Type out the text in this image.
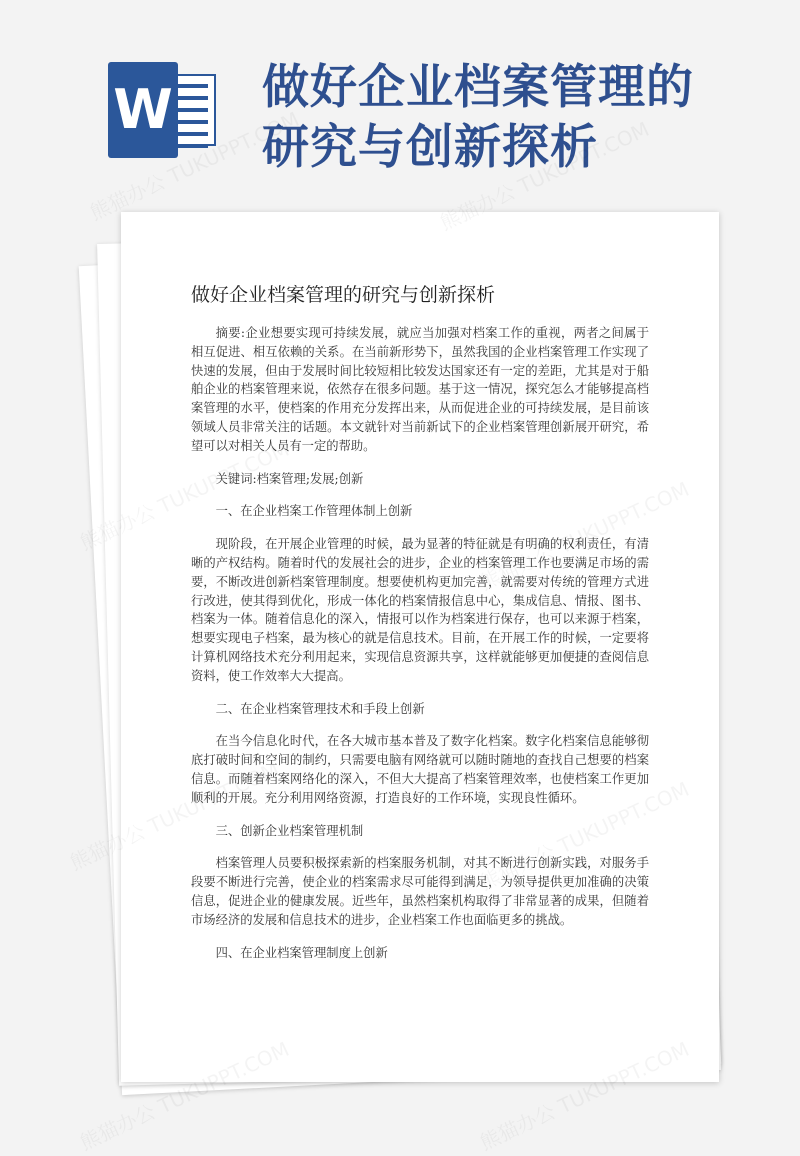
W 做好企业档案管理的研究与创新探析
做好企业档案管理的研究与创新探析

摘要:企业想要实现可持续发展，就应当加强对档案工作的重视，两者之间属于相互促进、相互依赖的关系。在当前新形势下，虽然我国的企业档案管理工作实现了快速的发展，但由于发展时间比较短相比较发达国家还有一定的差距，尤其是对于船舶企业的档案管理来说，依然存在很多问题。基于这一情况，探究怎么才能够提高档案管理的水平，使档案的作用充分发挥出来，从而促进企业的可持续发展，是目前该领域人员非常关注的话题。本文就针对当前新试下的企业档案管理创新展开研究，希望可以对相关人员有一定的帮助。

关键词:档案管理;发展;创新

一、在企业档案工作管理体制上创新

现阶段，在开展企业管理的时候，最为显著的特征就是有明确的权利责任，有清晰的产权结构。随着时代的发展社会的进步，企业的档案管理工作也要满足市场的需要，不断改进创新档案管理制度。想要使机构更加完善，就需要对传统的管理方式进行改进，使其得到优化，形成一体化的档案情报信息中心，集成信息、情报、图书、档案为一体。随着信息化的深入，情报可以作为档案进行保存，也可以来源于档案，想要实现电子档案，最为核心的就是信息技术。目前，在开展工作的时候，一定要将计算机网络技术充分利用起来，实现信息资源共享，这样就能够更加便捷的查阅信息资料，使工作效率大大提高。

二、在企业档案管理技术和手段上创新

在当今信息化时代，在各大城市基本普及了数字化档案。数字化档案信息能够彻底打破时间和空间的制约，只需要电脑有网络就可以随时随地的查找自己想要的档案信息。而随着档案网络化的深入，不但大大提高了档案管理效率，也使档案工作更加顺利的开展。充分利用网络资源，打造良好的工作环境，实现良性循环。

三、创新企业档案管理机制

档案管理人员要积极探索新的档案服务机制，对其不断进行创新实践，对服务手段要不断进行完善，使企业的档案需求尽可能得到满足，为领导提供更加准确的决策信息，促进企业的健康发展。近些年，虽然档案机构取得了非常显著的成果，但随着市场经济的发展和信息技术的进步，企业档案工作也面临更多的挑战。

四、在企业档案管理制度上创新
